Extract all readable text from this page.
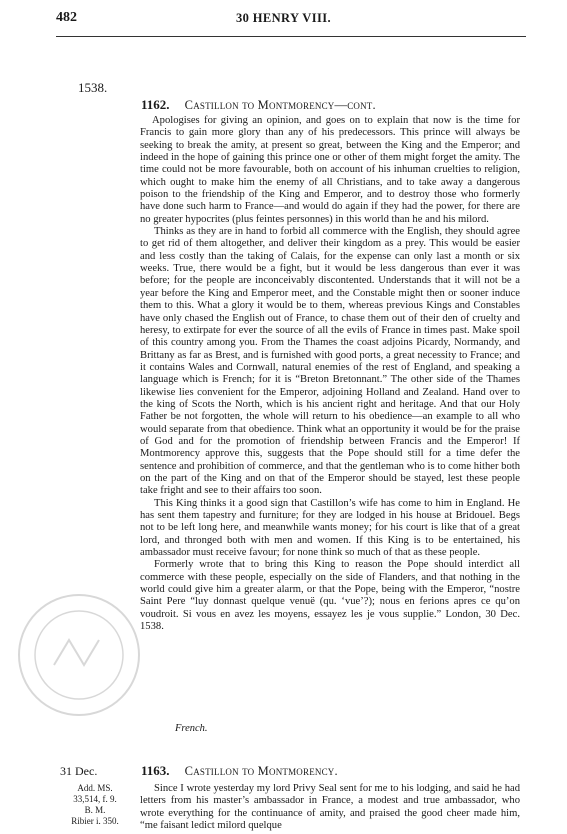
482	30 HENRY VIII.
1538.
1162. Castillon to Montmorency—cont.

Apologises for giving an opinion, and goes on to explain that now is the time for Francis to gain more glory than any of his predecessors. This prince will always be seeking to break the amity, at present so great, between the King and the Emperor; and indeed in the hope of gaining this prince one or other of them might forget the amity. The time could not be more favourable, both on account of his inhuman cruelties to religion, which ought to make him the enemy of all Christians, and to take away a dangerous poison to the friendship of the King and Emperor, and to destroy those who formerly have done such harm to France—and would do again if they had the power, for there are no greater hypocrites (plus feintes personnes) in this world than he and his milord.

Thinks as they are in hand to forbid all commerce with the English, they should agree to get rid of them altogether, and deliver their kingdom as a prey. This would be easier and less costly than the taking of Calais, for the expense can only last a month or six weeks. True, there would be a fight, but it would be less dangerous than ever it was before; for the people are inconceivably discontented. Understands that it will not be a year before the King and Emperor meet, and the Constable might then or sooner induce them to this. What a glory it would be to them, whereas previous Kings and Constables have only chased the English out of France, to chase them out of their den of cruelty and heresy, to extirpate for ever the source of all the evils of France in times past. Make spoil of this country among you. From the Thames the coast adjoins Picardy, Normandy, and Brittany as far as Brest, and is furnished with good ports, a great necessity to France; and it contains Wales and Cornwall, natural enemies of the rest of England, and speaking a language which is French; for it is “Breton Bretonnant.” The other side of the Thames likewise lies convenient for the Emperor, adjoining Holland and Zealand. Hand over to the king of Scots the North, which is his ancient right and heritage. And that our Holy Father be not forgotten, the whole will return to his obedience—an example to all who would separate from that obedience. Think what an opportunity it would be for the praise of God and for the promotion of friendship between Francis and the Emperor! If Montmorency approve this, suggests that the Pope should still for a time defer the sentence and prohibition of commerce, and that the gentleman who is to come hither both on the part of the King and on that of the Emperor should be stayed, lest these people take fright and see to their affairs too soon.

This King thinks it a good sign that Castillon’s wife has come to him in England. He has sent them tapestry and furniture; for they are lodged in his house at Bridouel. Begs not to be left long here, and meanwhile wants money; for his court is like that of a great lord, and thronged both with men and women. If this King is to be entertained, his ambassador must receive favour; for none think so much of that as these people.

Formerly wrote that to bring this King to reason the Pope should interdict all commerce with these people, especially on the side of Flanders, and that nothing in the world could give him a greater alarm, or that the Pope, being with the Emperor, “nostre Saint Pere “luy donnast quelque venuë (qu. ‘vue’?); nous en ferions apres ce qu’on voudroit. Si vous en avez les moyens, essayez les je vous supplie.” London, 30 Dec. 1538.

French.
31 Dec.	1163. Castillon to Montmorency.
Add. MS.
33,514, f. 9.
B. M.
Ribier i. 350.

Since I wrote yesterday my lord Privy Seal sent for me to his lodging, and said he had letters from his master’s ambassador in France, a modest and true ambassador, who wrote everything for the continuance of amity, and praised the good cheer made him, “me faisant ledict milord quelque
